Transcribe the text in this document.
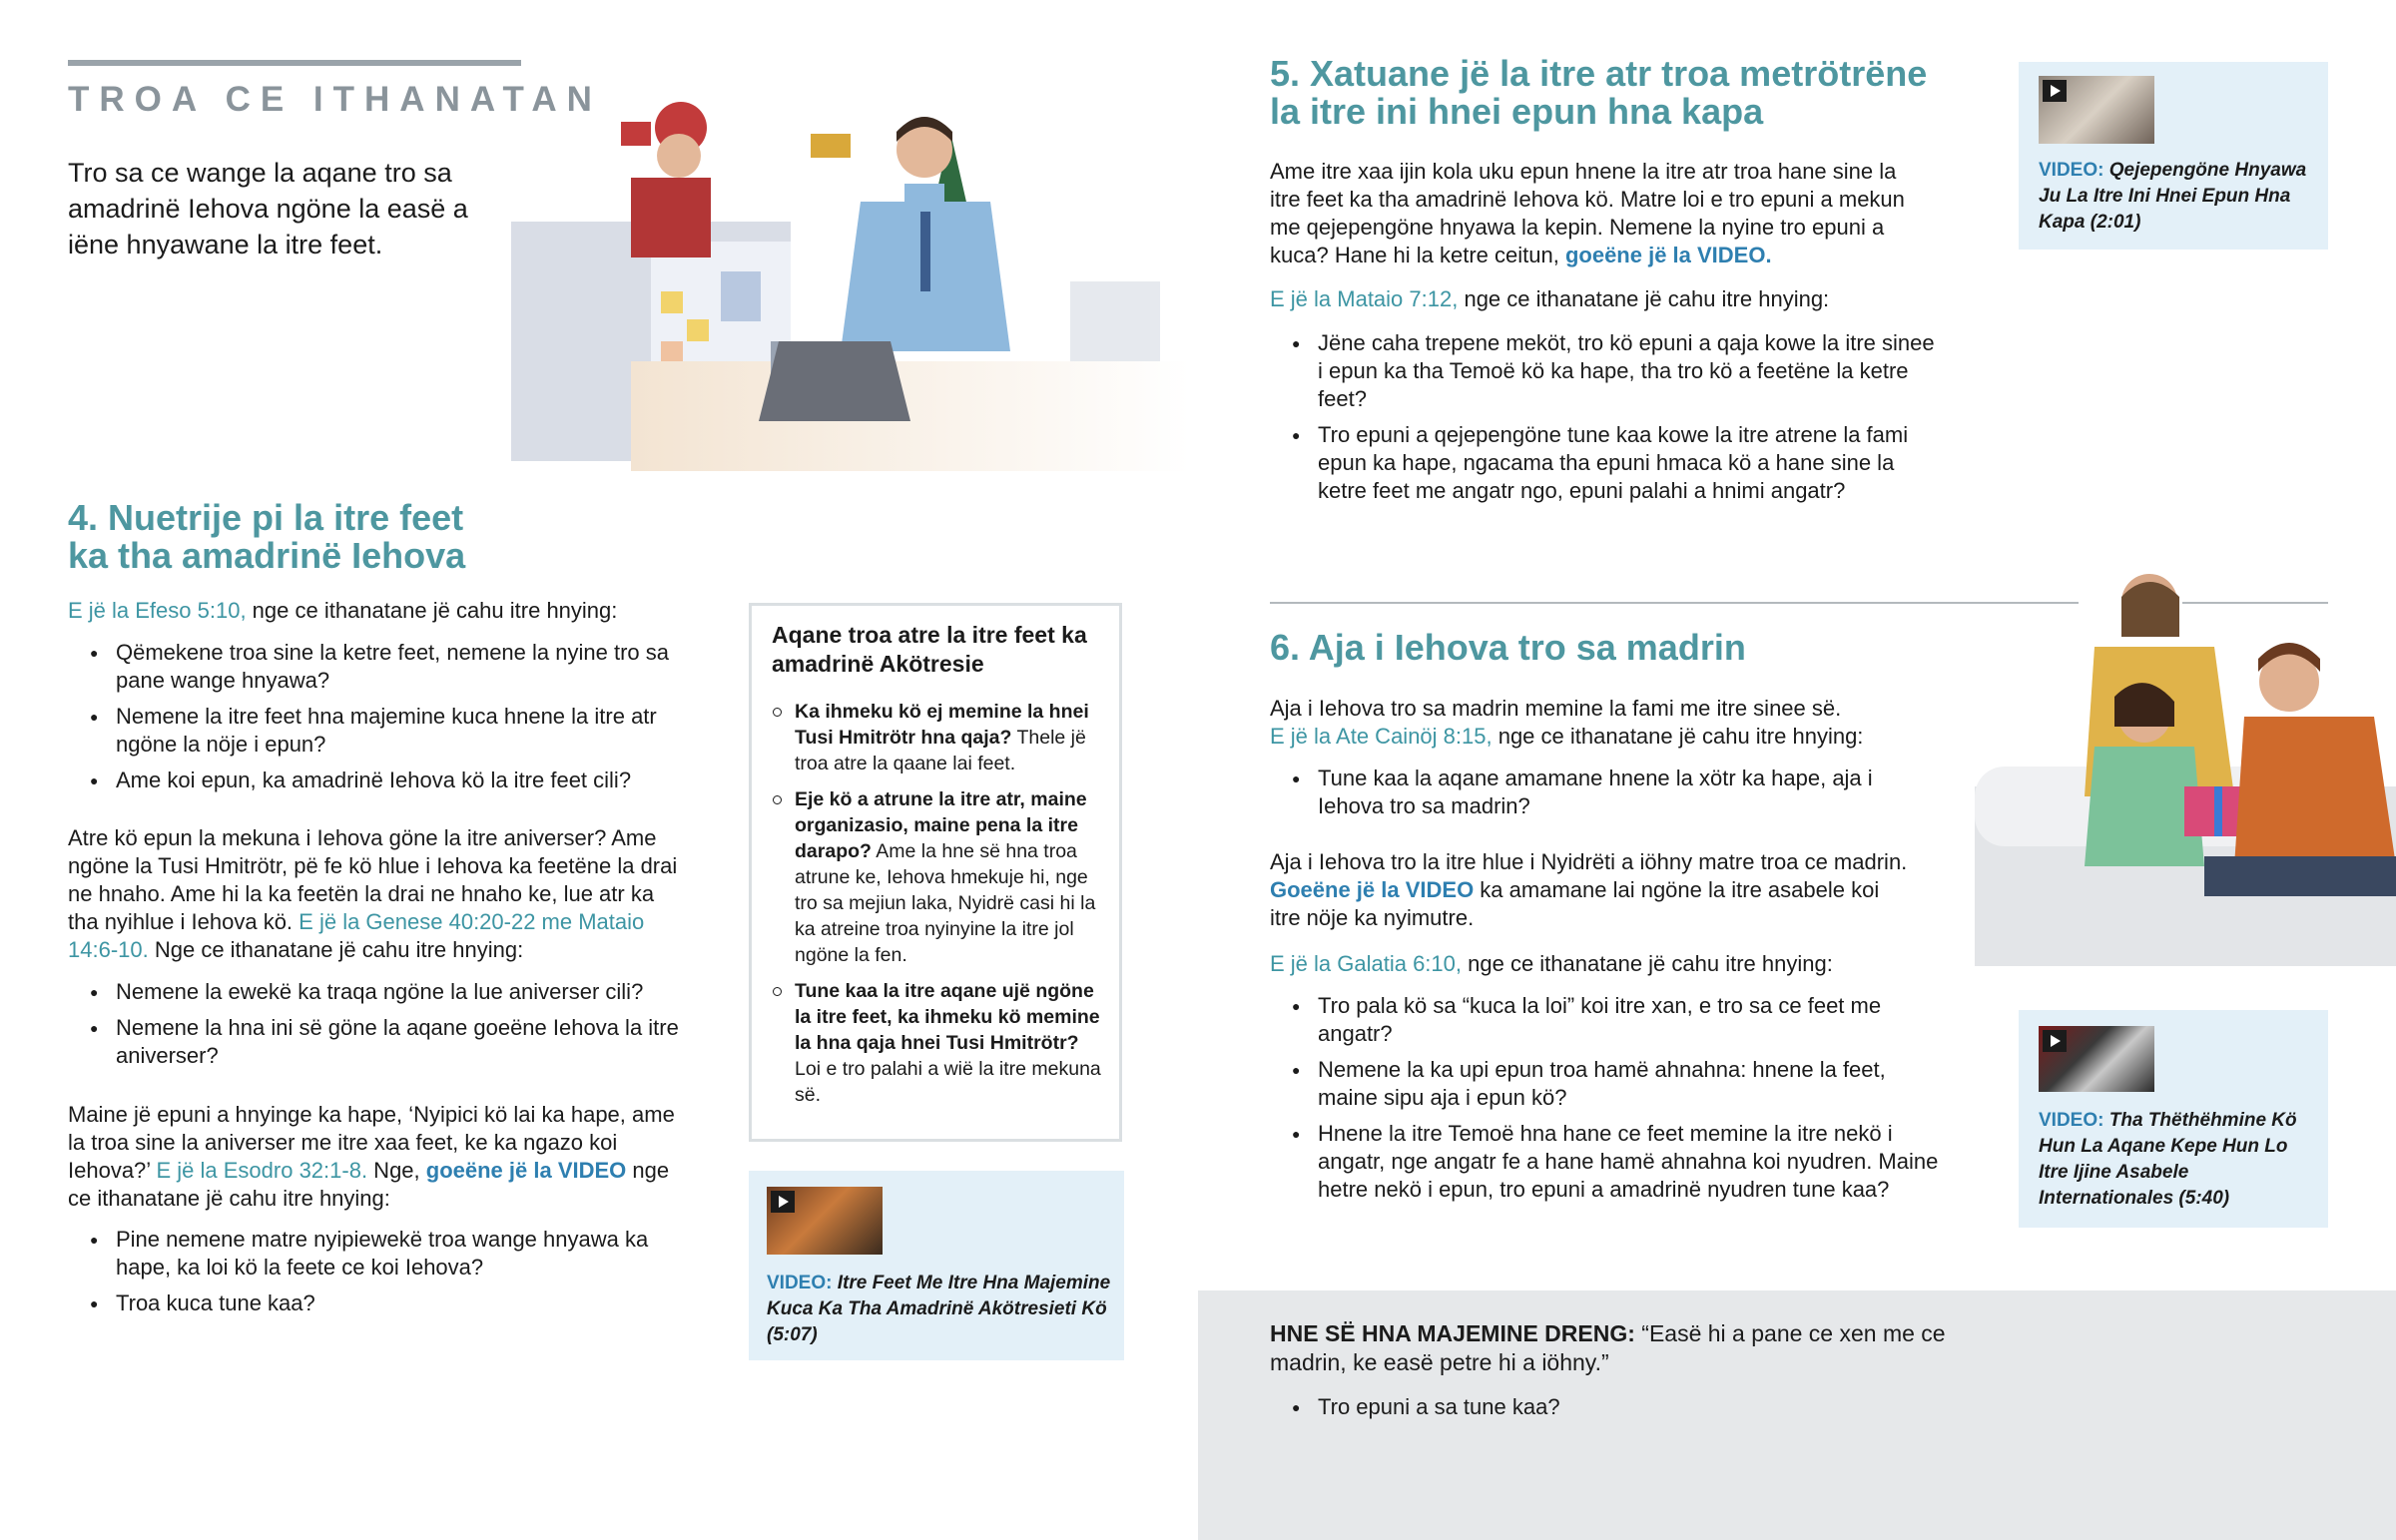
TROA CE ITHANATAN
Tro sa ce wange la aqane tro sa amadrinë Iehova ngöne la easë a iëne hnyawane la itre feet.
4. Nuetrije pi la itre feet
ka tha amadrinë Iehova
E jë la Efeso 5:10, nge ce ithanatane jë cahu itre hnying:
● Qëmekene troa sine la ketre feet, nemene la nyine tro sa pane wange hnyawa?
● Nemene la itre feet hna majemine kuca hnene la itre atr ngöne la nöje i epun?
● Ame koi epun, ka amadrinë Iehova kö la itre feet cili?
Atre kö epun la mekuna i Iehova göne la itre aniverser? Ame ngöne la Tusi Hmitrötr, pë fe kö hlue i Iehova ka feetëne la drai ne hnaho. Ame hi la ka feetën la drai ne hnaho ke, lue atr ka tha nyihlue i Iehova kö. E jë la Genese 40:20-22 me Mataio 14:6-10. Nge ce ithanatane jë cahu itre hnying:
● Nemene la ewekë ka traqa ngöne la lue aniverser cili?
● Nemene la hna ini së göne la aqane goeëne Iehova la itre aniverser?
Maine jë epuni a hnyinge ka hape, ‘Nyipici kö lai ka hape, ame la troa sine la aniverser me itre xaa feet, ke ka ngazo koi Iehova?’ E jë la Esodro 32:1-8. Nge, goeëne jë la VIDEO nge ce ithanatane jë cahu itre hnying:
● Pine nemene matre nyipiewekë troa wange hnyawa ka hape, ka loi kö la feete ce koi Iehova?
● Troa kuca tune kaa?
Aqane troa atre la itre feet ka amadrinë Akötresie
Ka ihmeku kö ej memine la hnei Tusi Hmitrötr hna qaja? Thele jë troa atre la qaane lai feet.
Eje kö a atrune la itre atr, maine organizasio, maine pena la itre darapo? Ame la hne së hna troa atrune ke, Iehova hmekuje hi, nge tro sa mejiun laka, Nyidrë casi hi la ka atreine troa nyinyine la itre jol ngöne la fen.
Tune kaa la itre aqane ujë ngöne la itre feet, ka ihmeku kö memine la hna qaja hnei Tusi Hmitrötr? Loi e tro palahi a wië la itre mekuna së.
VIDEO: Itre Feet Me Itre Hna Majemine Kuca Ka Tha Amadrinë Akötresieti Kö (5:07)
5. Xatuane jë la itre atr troa metrötrëne
la itre ini hnei epun hna kapa
Ame itre xaa ijin kola uku epun hnene la itre atr troa hane sine la itre feet ka tha amadrinë Iehova kö. Matre loi e tro epuni a mekun me qejepengöne hnyawa la kepin. Nemene la nyine tro epuni a kuca? Hane hi la ketre ceitun, goeëne jë la VIDEO.
E jë la Mataio 7:12, nge ce ithanatane jë cahu itre hnying:
● Jëne caha trepene meköt, tro kö epuni a qaja kowe la itre sinee i epun ka tha Temoë kö ka hape, tha tro kö a feetëne la ketre feet?
● Tro epuni a qejepengöne tune kaa kowe la itre atrene la fami epun ka hape, ngacama tha epuni hmaca kö a hane sine la ketre feet me angatr ngo, epuni palahi a hnimi angatr?
VIDEO: Qejepengöne Hnyawa Ju La Itre Ini Hnei Epun Hna Kapa (2:01)
6. Aja i Iehova tro sa madrin
Aja i Iehova tro sa madrin memine la fami me itre sinee së.
E jë la Ate Cainöj 8:15, nge ce ithanatane jë cahu itre hnying:
● Tune kaa la aqane amamane hnene la xötr ka hape, aja i Iehova tro sa madrin?
Aja i Iehova tro la itre hlue i Nyidrëti a iöhny matre troa ce madrin. Goeëne jë la VIDEO ka amamane lai ngöne la itre asabele koi itre nöje ka nyimutre.
E jë la Galatia 6:10, nge ce ithanatane jë cahu itre hnying:
● Tro pala kö sa “kuca la loi” koi itre xan, e tro sa ce feet me angatr?
● Nemene la ka upi epun troa hamë ahnahna: hnene la feet, maine sipu aja i epun kö?
● Hnene la itre Temoë hna hane ce feet memine la itre nekö i angatr, nge angatr fe a hane hamë ahnahna koi nyudren. Maine hetre nekö i epun, tro epuni a amadrinë nyudren tune kaa?
VIDEO: Tha Thëthëhmine Kö Hun La Aqane Kepe Hun Lo Itre Ijine Asabele Internationales (5:40)
HNE SË HNA MAJEMINE DRENG: “Easë hi a pane ce xen me ce madrin, ke easë petre hi a iöhny.”
● Tro epuni a sa tune kaa?
